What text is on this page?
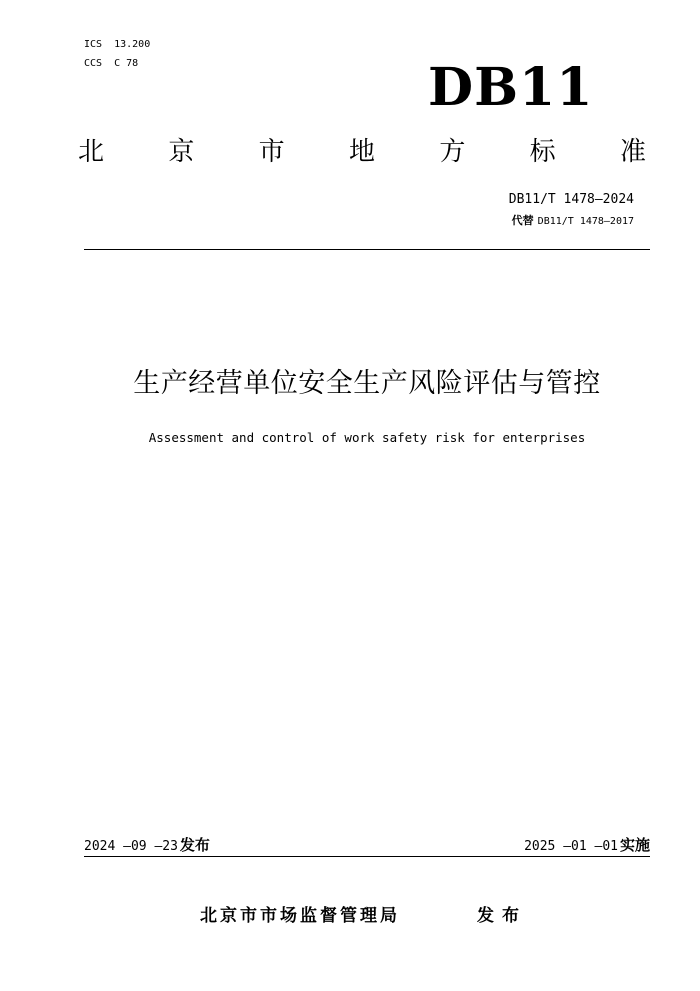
ICS  13.200
CCS  C 78	DB11
北 京 市 地 方 标 准
DB11/T 1478—2024
代替 DB11/T 1478—2017
生产经营单位安全生产风险评估与管控
Assessment and control of work safety risk for enterprises
2024 —09 —23 发布	2025 —01 —01 实施
北京市市场监督管理局	发布
